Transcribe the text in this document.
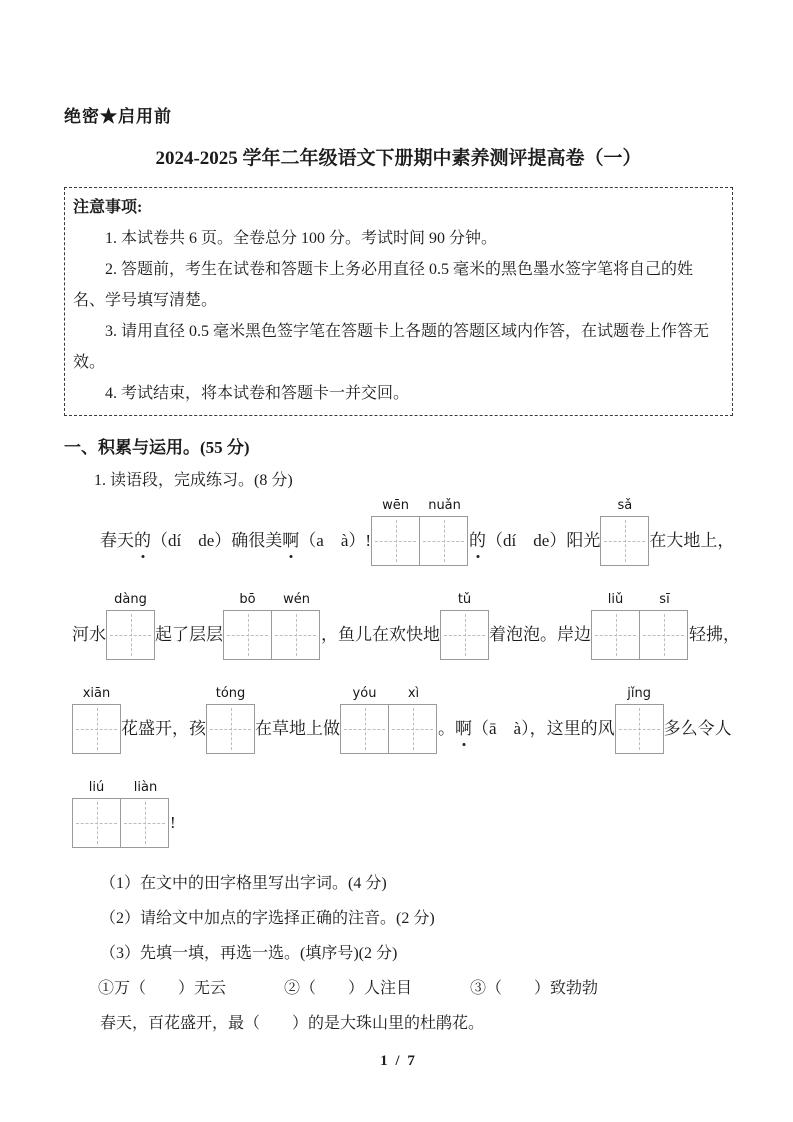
绝密★启用前
2024-2025 学年二年级语文下册期中素养测评提高卷（一）
注意事项:

1. 本试卷共 6 页。全卷总分 100 分。考试时间 90 分钟。

2. 答题前，考生在试卷和答题卡上务必用直径 0.5 毫米的黑色墨水签字笔将自己的姓名、学号填写清楚。

3. 请用直径 0.5 毫米黑色签字笔在答题卡上各题的答题区域内作答，在试题卷上作答无效。

4. 考试结束，将本试卷和答题卡一并交回。

一、积累与运用。(55 分)
1. 读语段，完成练习。(8 分)
春天 的 （dí　de）确很美 啊 （a　à）!
wēn	nuǎn
的 （dí　de）阳光
sǎ
在大地上，
河水
dàng
起了层层
bō	wén
，鱼儿在欢快地
tǔ
着泡泡。岸边
liǔ	sī
轻拂，
xiān
花盛开，孩
tóng
在草地上做
yóu	xì
。 啊 （ā　à），这里的风
jǐng
多么令人
liú	liàn
!
（1）在文中的田字格里写出字词。(4 分)
（2）请给文中加点的字选择正确的注音。(2 分)
（3）先填一填，再选一选。(填序号)(2 分)
①万（　　）无云	②（　　）人注目	③（　　）致勃勃
春天，百花盛开，最（　　）的是大珠山里的杜鹃花。
1 / 7
